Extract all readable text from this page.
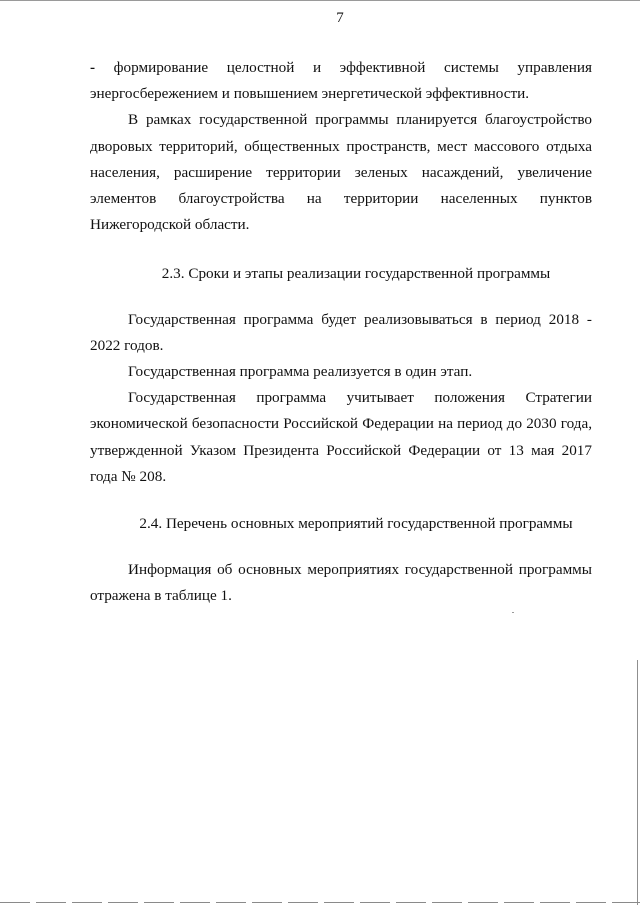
7

- формирование целостной и эффективной системы управления энергосбережением и повышением энергетической эффективности.

В рамках государственной программы планируется благоустройство дворовых территорий, общественных пространств, мест массового отдыха населения, расширение территории зеленых насаждений, увеличение элементов благоустройства на территории населенных пунктов Нижегородской области.

2.3. Сроки и этапы реализации государственной программы

Государственная программа будет реализовываться в период 2018 - 2022 годов.

Государственная программа реализуется в один этап.

Государственная программа учитывает положения Стратегии экономической безопасности Российской Федерации на период до 2030 года, утвержденной Указом Президента Российской Федерации от 13 мая 2017 года № 208.

2.4. Перечень основных мероприятий государственной программы

Информация об основных мероприятиях государственной программы отражена в таблице 1.
